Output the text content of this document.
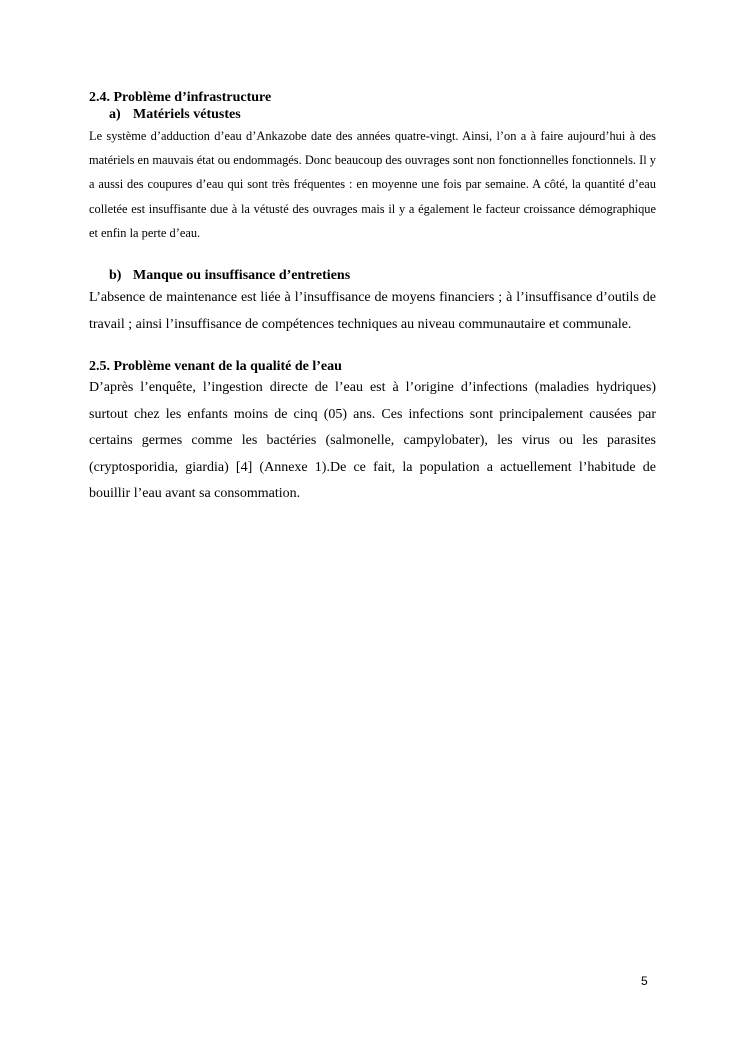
2.4. Problème d’infrastructure

a) Matériels vétustes

Le système d’adduction d’eau d’Ankazobe date des années quatre-vingt. Ainsi, l’on a à faire aujourd’hui à des matériels en mauvais état ou endommagés. Donc beaucoup des ouvrages sont non fonctionnelles fonctionnels. Il y a aussi des coupures d’eau qui sont très fréquentes : en moyenne une fois par semaine. A côté, la quantité d’eau colletée est insuffisante due à la vétusté des ouvrages mais il y a également le facteur croissance démographique et enfin la perte d’eau.

b) Manque ou insuffisance d’entretiens

L’absence de maintenance est liée à l’insuffisance de moyens financiers ; à l’insuffisance d’outils de travail ; ainsi l’insuffisance de compétences techniques au niveau communautaire et communale.

2.5. Problème venant de la qualité de l’eau

D’après l’enquête, l’ingestion directe de l’eau est à l’origine d’infections (maladies hydriques) surtout chez les enfants moins de cinq (05) ans. Ces infections sont principalement causées par certains germes comme les bactéries (salmonelle, campylobater), les virus ou les parasites (cryptosporidia, giardia) [4] (Annexe 1).De ce fait, la population a actuellement l’habitude de bouillir l’eau avant sa consommation.

5
